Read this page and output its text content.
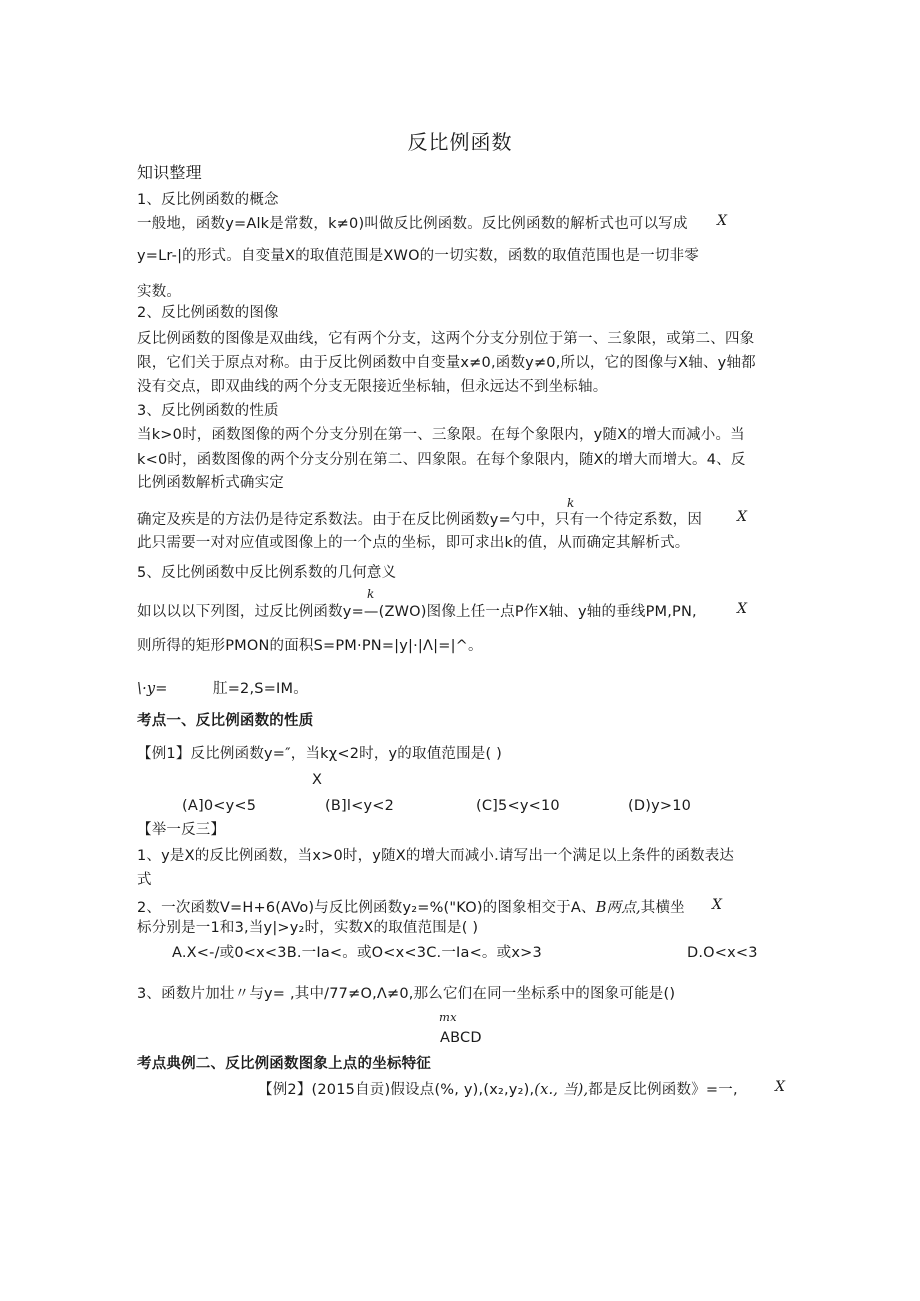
反比例函数
知识整理
1、反比例函数的概念
一般地，函数y=Alk是常数，k≠0)叫做反比例函数。反比例函数的解析式也可以写成 X
y=Lr-|的形式。自变量X的取值范围是XWO的一切实数，函数的取值范围也是一切非零
实数。
2、反比例函数的图像
反比例函数的图像是双曲线，它有两个分支，这两个分支分别位于第一、三象限，或第二、四象
限，它们关于原点对称。由于反比例函数中自变量x≠0,函数y≠0,所以，它的图像与X轴、y轴都
没有交点，即双曲线的两个分支无限接近坐标轴，但永远达不到坐标轴。
3、反比例函数的性质
当k>0时，函数图像的两个分支分别在第一、三象限。在每个象限内，y随X的增大而减小。当
k<0时，函数图像的两个分支分别在第二、四象限。在每个象限内，随X的增大而增大。4、反
比例函数解析式确实定
k
确定及疾是的方法仍是待定系数法。由于在反比例函数y=勺中，只有一个待定系数，因 X
此只需要一对对应值或图像上的一个点的坐标，即可求出k的值，从而确定其解析式。
5、反比例函数中反比例系数的几何意义
k
如以以以下列图，过反比例函数y=—(ZWO)图像上任一点P作X轴、y轴的垂线PM,PN,	X
则所得的矩形PMON的面积S=PM·PN=|y|·|Λ|=|^。
\·y=	肛=2,S=IM。
考点一、反比例函数的性质
【例1】反比例函数y=″，当kχ<2时，y的取值范围是( )
X
(A]0<y<5	(B]l<y<2	(C]5<y<10	(D)y>10
【举一反三】
1、y是X的反比例函数，当x>0时，y随X的增大而减小.请写出一个满足以上条件的函数表达
式
2、一次函数V=H+6(AVo)与反比例函数y₂=%("KO)的图象相交于A、B两点,其横坐 X
标分别是一1和3,当y|>y₂时，实数X的取值范围是( )
A.X<-/或0<x<3B.一Ia<。或O<x<3C.一Ia<。或x>3	D.O<x<3
3、函数片加壮〃与y= ,其中/77≠O,Λ≠0,那么它们在同一坐标系中的图象可能是()
mx
ABCD
考点典例二、反比例函数图象上点的坐标特征
【例2】(2015自贡)假设点(%, y),(x₂,y₂),(x., 当),都是反比例函数》=一,	X
